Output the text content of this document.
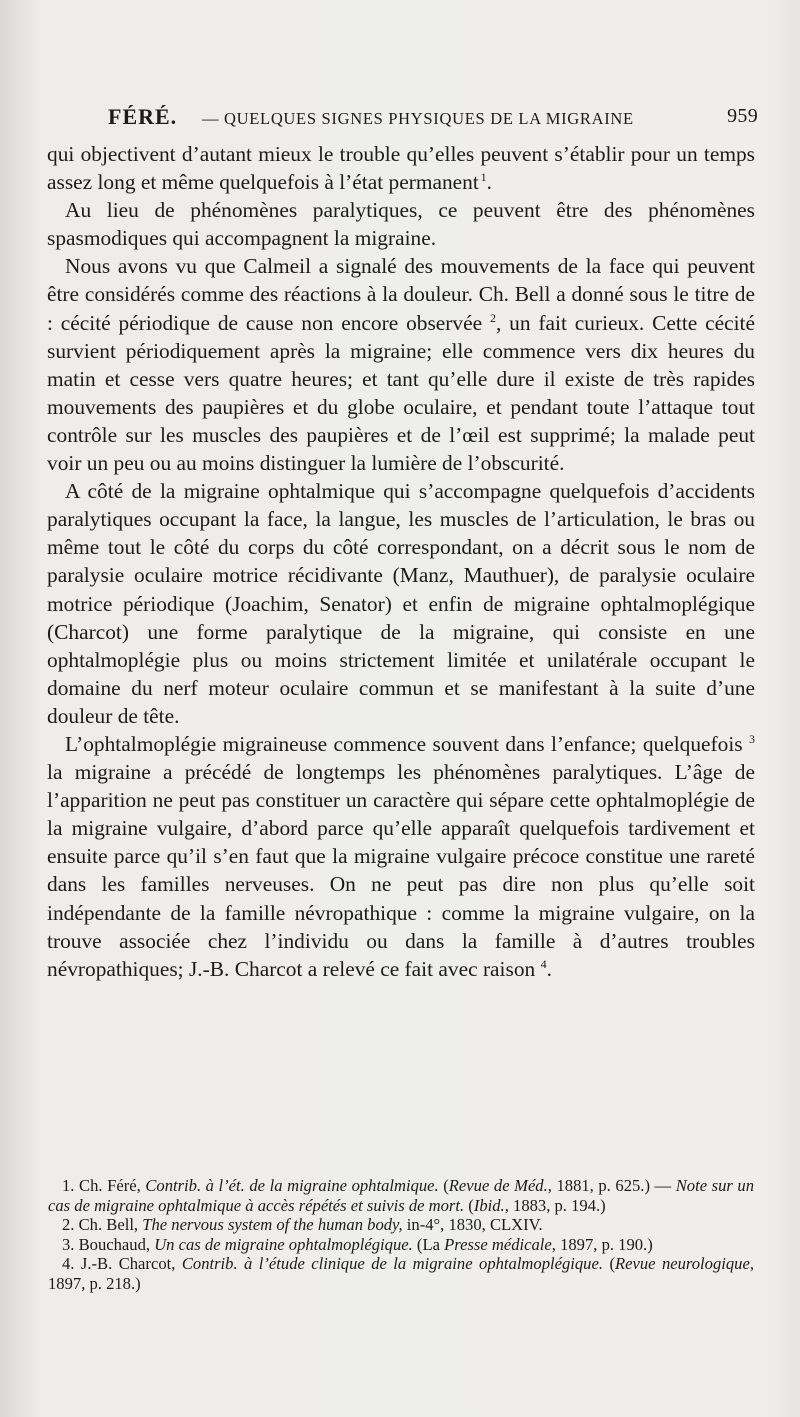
FÉRÉ. — QUELQUES SIGNES PHYSIQUES DE LA MIGRAINE	959

qui objectivent d’autant mieux le trouble qu’elles peuvent s’établir pour un temps assez long et même quelquefois à l’état permanent  $^1$.

Au lieu de phénomènes paralytiques, ce peuvent être des phénomènes spasmodiques qui accompagnent la migraine.

Nous avons vu que Calmeil a signalé des mouvements de la face qui peuvent être considérés comme des réactions à la douleur. Ch. Bell a donné sous le titre de : cécité périodique de cause non encore observée $^2$, un fait curieux. Cette cécité survient périodiquement après la migraine; elle commence vers dix heures du matin et cesse vers quatre heures; et tant qu’elle dure il existe de très rapides mouvements des paupières et du globe oculaire, et pendant toute l’attaque tout contrôle sur les muscles des paupières et de l’œil est supprimé; la malade peut voir un peu ou au moins distinguer la lumière de l’obscurité.

A côté de la migraine ophtalmique qui s’accompagne quelquefois d’accidents paralytiques occupant la face, la langue, les muscles de l’articulation, le bras ou même tout le côté du corps du côté correspondant, on a décrit sous le nom de paralysie oculaire motrice récidivante (Manz, Mauthuer), de paralysie oculaire motrice périodique (Joachim, Senator) et enfin de migraine ophtalmoplégique (Charcot) une forme paralytique de la migraine, qui consiste en une ophtalmoplégie plus ou moins strictement limitée et unilatérale occupant le domaine du nerf moteur oculaire commun et se manifestant à la suite d’une douleur de tête.

L’ophtalmoplégie migraineuse commence souvent dans l’enfance; quelquefois $^3$ la migraine a précédé de longtemps les phénomènes paralytiques. L’âge de l’apparition ne peut pas constituer un caractère qui sépare cette ophtalmoplégie de la migraine vulgaire, d’abord parce qu’elle apparaît quelquefois tardivement et ensuite parce qu’il s’en faut que la migraine vulgaire précoce constitue une rareté dans les familles nerveuses. On ne peut pas dire non plus qu’elle soit indépendante de la famille névropathique : comme la migraine vulgaire, on la trouve associée chez l’individu ou dans la famille à d’autres troubles névropathiques; J.-B. Charcot a relevé ce fait avec raison $^4$.

1. Ch. Féré, Contrib. à l’ét. de la migraine ophtalmique. (Revue de Méd., 1881, p. 625.) — Note sur un cas de migraine ophtalmique à accès répétés et suivis de mort. (Ibid., 1883, p. 194.)

2. Ch. Bell, The nervous system of the human body, in-4°, 1830, CLXIV.

3. Bouchaud, Un cas de migraine ophtalmoplégique. (La Presse médicale, 1897, p. 190.)

4. J.-B. Charcot, Contrib. à l’étude clinique de la migraine ophtalmoplégique. (Revue neurologique, 1897, p. 218.)
